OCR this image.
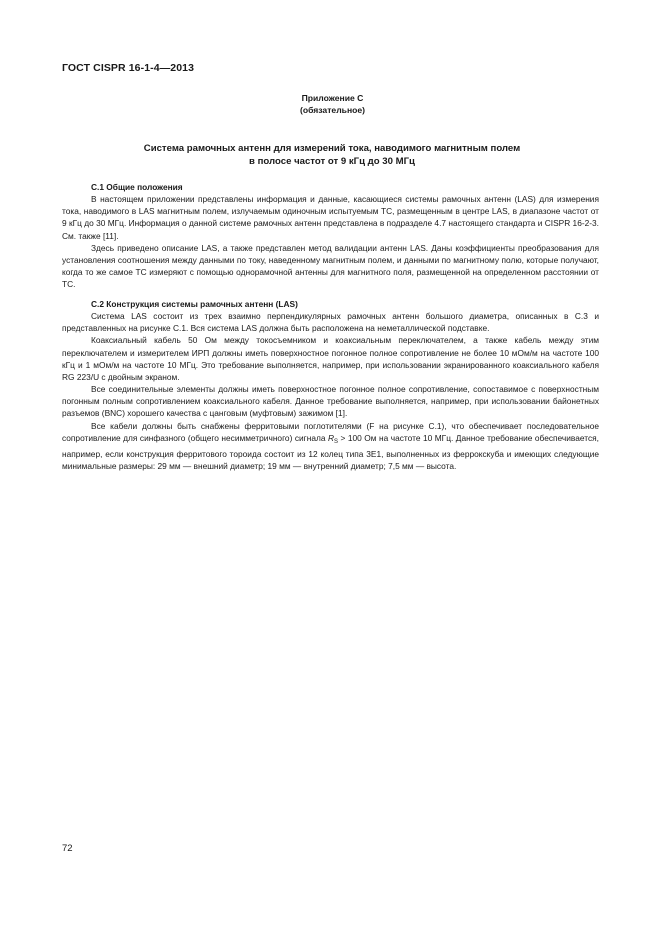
ГОСТ CISPR 16-1-4—2013
Приложение С
(обязательное)
Система рамочных антенн для измерений тока, наводимого магнитным полем
в полосе частот от 9 кГц до 30 МГц
С.1 Общие положения

В настоящем приложении представлены информация и данные, касающиеся системы рамочных антенн (LAS) для измерения тока, наводимого в LAS магнитным полем, излучаемым одиночным испытуемым ТС, размещенным в центре LAS, в диапазоне частот от 9 кГц до 30 МГц. Информация о данной системе рамочных антенн представлена в подразделе 4.7 настоящего стандарта и CISPR 16-2-3. См. также [11].

Здесь приведено описание LAS, а также представлен метод валидации антенн LAS. Даны коэффициенты преобразования для установления соотношения между данными по току, наведенному магнитным полем, и данными по магнитному полю, которые получают, когда то же самое ТС измеряют с помощью однорамочной антенны для магнитного поля, размещенной на определенном расстоянии от ТС.

С.2 Конструкция системы рамочных антенн (LAS)

Система LAS состоит из трех взаимно перпендикулярных рамочных антенн большого диаметра, описанных в С.3 и представленных на рисунке С.1. Вся система LAS должна быть расположена на неметаллической подставке.

Коаксиальный кабель 50 Ом между токосъемником и коаксиальным переключателем, а также кабель между этим переключателем и измерителем ИРП должны иметь поверхностное погонное полное сопротивление не более 10 мОм/м на частоте 100 кГц и 1 мОм/м на частоте 10 МГц. Это требование выполняется, например, при использовании экранированного коаксиального кабеля RG 223/U с двойным экраном.

Все соединительные элементы должны иметь поверхностное погонное полное сопротивление, сопоставимое с поверхностным погонным полным сопротивлением коаксиального кабеля. Данное требование выполняется, например, при использовании байонетных разъемов (BNC) хорошего качества с цанговым (муфтовым) зажимом [1].

Все кабели должны быть снабжены ферритовыми поглотителями (F на рисунке С.1), что обеспечивает последовательное сопротивление для синфазного (общего несимметричного) сигнала $R_S > 100$ Ом на частоте 10 МГц. Данное требование обеспечивается, например, если конструкция ферритового тороида состоит из 12 колец типа 3Е1, выполненных из феррокскуба и имеющих следующие минимальные размеры: 29 мм — внешний диаметр; 19 мм — внутренний диаметр; 7,5 мм — высота.

72
